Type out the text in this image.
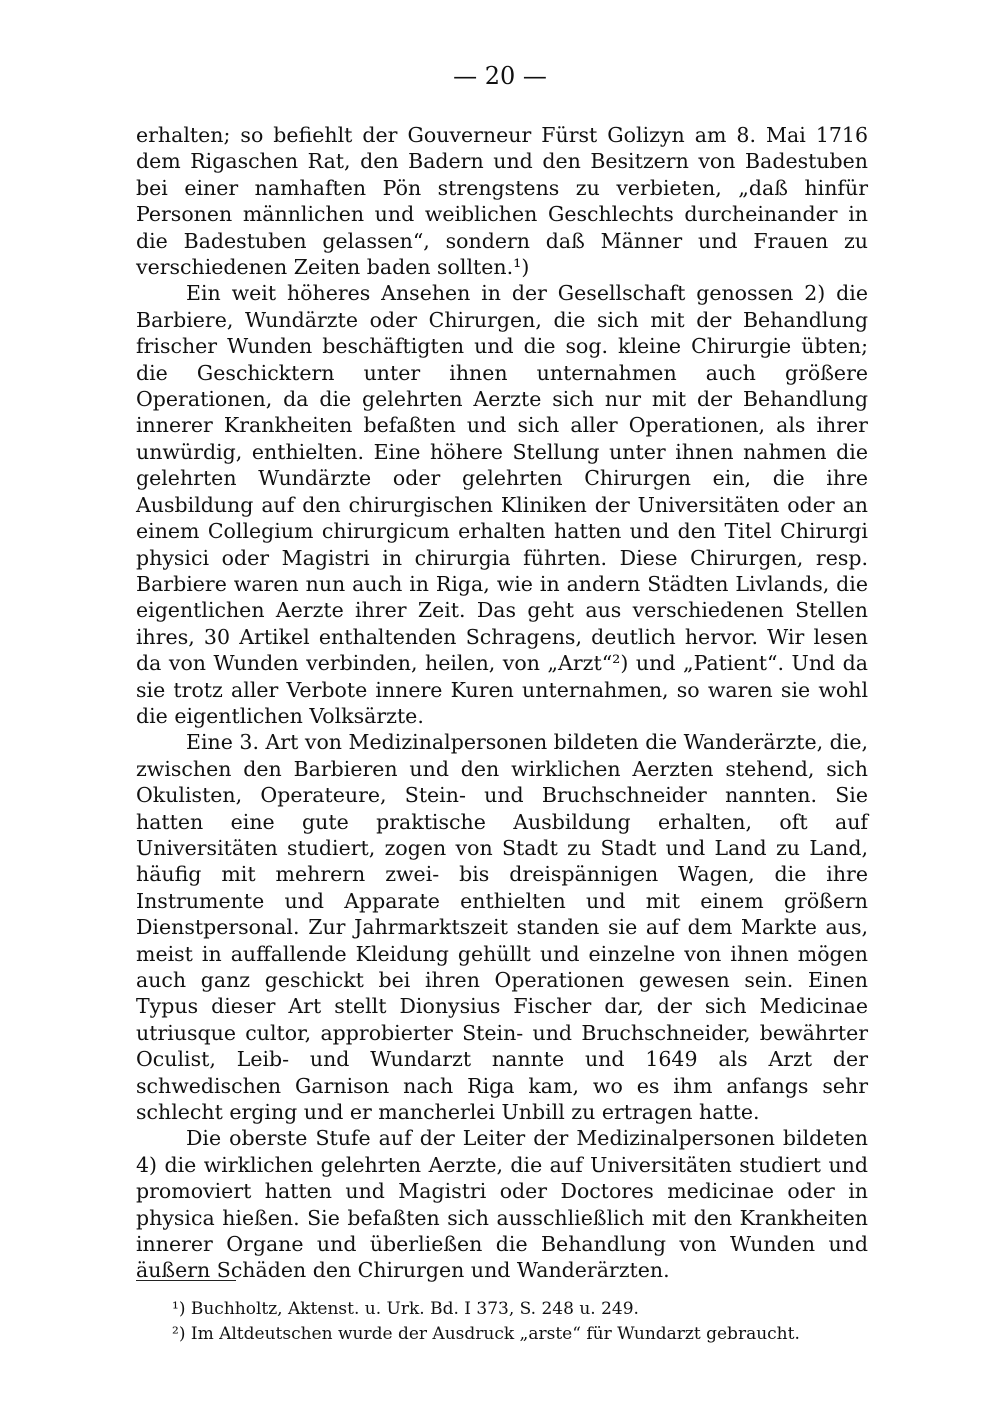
— 20 —

erhalten; so befiehlt der Gouverneur Fürst Golizyn am 8. Mai 1716 dem Rigaschen Rat, den Badern und den Besitzern von Badestuben bei einer namhaften Pön strengstens zu verbieten, „daß hinfür Personen männlichen und weiblichen Geschlechts durcheinander in die Badestuben gelassen“, sondern daß Männer und Frauen zu verschiedenen Zeiten baden sollten.¹)

Ein weit höheres Ansehen in der Gesellschaft genossen 2) die Barbiere, Wundärzte oder Chirurgen, die sich mit der Behandlung frischer Wunden beschäftigten und die sog. kleine Chirurgie übten; die Geschicktern unter ihnen unternahmen auch größere Operationen, da die gelehrten Aerzte sich nur mit der Behandlung innerer Krankheiten befaßten und sich aller Operationen, als ihrer unwürdig, enthielten. Eine höhere Stellung unter ihnen nahmen die gelehrten Wundärzte oder gelehrten Chirurgen ein, die ihre Ausbildung auf den chirurgischen Kliniken der Universitäten oder an einem Collegium chirurgicum erhalten hatten und den Titel Chirurgi physici oder Magistri in chirurgia führten. Diese Chirurgen, resp. Barbiere waren nun auch in Riga, wie in andern Städten Livlands, die eigentlichen Aerzte ihrer Zeit. Das geht aus verschiedenen Stellen ihres, 30 Artikel enthaltenden Schragens, deutlich hervor. Wir lesen da von Wunden verbinden, heilen, von „Arzt“²) und „Patient“. Und da sie trotz aller Verbote innere Kuren unternahmen, so waren sie wohl die eigentlichen Volksärzte.

Eine 3. Art von Medizinalpersonen bildeten die Wanderärzte, die, zwischen den Barbieren und den wirklichen Aerzten stehend, sich Okulisten, Operateure, Stein- und Bruchschneider nannten. Sie hatten eine gute praktische Ausbildung erhalten, oft auf Universitäten studiert, zogen von Stadt zu Stadt und Land zu Land, häufig mit mehrern zwei- bis dreispännigen Wagen, die ihre Instrumente und Apparate enthielten und mit einem größern Dienstpersonal. Zur Jahrmarktszeit standen sie auf dem Markte aus, meist in auffallende Kleidung gehüllt und einzelne von ihnen mögen auch ganz geschickt bei ihren Operationen gewesen sein. Einen Typus dieser Art stellt Dionysius Fischer dar, der sich Medicinae utriusque cultor, approbierter Stein- und Bruchschneider, bewährter Oculist, Leib- und Wundarzt nannte und 1649 als Arzt der schwedischen Garnison nach Riga kam, wo es ihm anfangs sehr schlecht erging und er mancherlei Unbill zu ertragen hatte.

Die oberste Stufe auf der Leiter der Medizinalpersonen bildeten 4) die wirklichen gelehrten Aerzte, die auf Universitäten studiert und promoviert hatten und Magistri oder Doctores medicinae oder in physica hießen. Sie befaßten sich ausschließlich mit den Krankheiten innerer Organe und überließen die Behandlung von Wunden und äußern Schäden den Chirurgen und Wanderärzten.

¹) Buchholtz, Aktenst. u. Urk. Bd. I 373, S. 248 u. 249.
²) Im Altdeutschen wurde der Ausdruck „arste“ für Wundarzt gebraucht.
